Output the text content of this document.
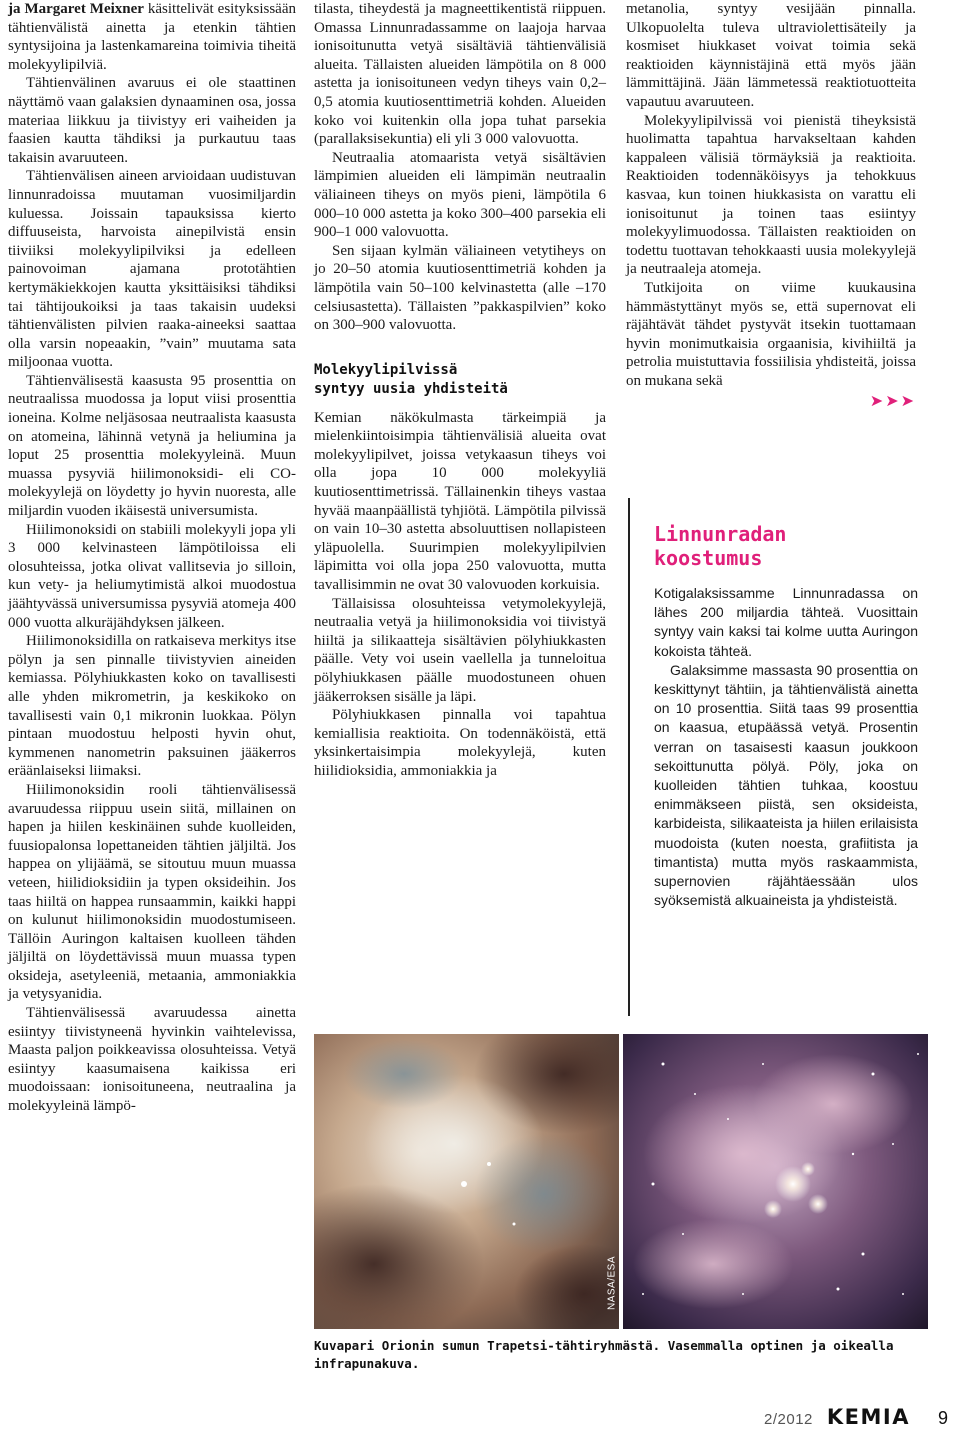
ja Margaret Meixner käsittelivät esityksissään tähtienvälistä ainetta ja etenkin tähtien syntysijoina ja lastenkamareina toimivia tiheitä molekyylipilviä.

Tähtienvälinen avaruus ei ole staattinen näyttämö vaan galaksien dynaaminen osa, jossa materiaa liikkuu ja tiivistyy eri vaiheiden ja faasien kautta tähdiksi ja purkautuu taas takaisin avaruuteen.

Tähtienvälisen aineen arvioidaan uudistuvan linnunradoissa muutaman vuosimiljardin kuluessa. Joissain tapauksissa kierto diffuuseista, harvoista ainepilvistä ensin tiiviiksi molekyylipilviksi ja edelleen painovoiman ajamana prototähtien kertymäkiekkojen kautta yksittäisiksi tähdiksi tai tähtijoukoiksi ja taas takaisin uudeksi tähtienvälisten pilvien raaka-aineeksi saattaa olla varsin nopeaakin, ”vain” muutama sata miljoonaa vuotta.

Tähtienvälisestä kaasusta 95 prosenttia on neutraalissa muodossa ja loput viisi prosenttia ioneina. Kolme neljäsosaa neutraalista kaasusta on atomeina, lähinnä vetynä ja heliumina ja loput 25 prosenttia molekyyleinä. Muun muassa pysyviä hiilimonoksidi- eli CO-molekyylejä on löydetty jo hyvin nuoresta, alle miljardin vuoden ikäisestä universumista.

Hiilimonoksidi on stabiili molekyyli jopa yli 3 000 kelvinasteen lämpötiloissa eli olosuhteissa, jotka olivat vallitsevia jo silloin, kun vety- ja heliumytimistä alkoi muodostua jäähtyvässä universumissa pysyviä atomeja 400 000 vuotta alkuräjähdyksen jälkeen.

Hiilimonoksidilla on ratkaiseva merkitys itse pölyn ja sen pinnalle tiivistyvien aineiden kemiassa. Pölyhiukkasten koko on tavallisesti alle yhden mikrometrin, ja keskikoko on tavallisesti vain 0,1 mikronin luokkaa. Pölyn pintaan muodostuu helposti hyvin ohut, kymmenen nanometrin paksuinen jääkerros eräänlaiseksi liimaksi.

Hiilimonoksidin rooli tähtienvälisessä avaruudessa riippuu usein siitä, millainen on hapen ja hiilen keskinäinen suhde kuolleiden, fuusiopalonsa lopettaneiden tähtien jäljiltä. Jos happea on ylijäämä, se sitoutuu muun muassa veteen, hiilidioksidiin ja typen oksideihin. Jos taas hiiltä on happea runsaammin, kaikki happi on kulunut hiilimonoksidin muodostumiseen. Tällöin Auringon kaltaisen kuolleen tähden jäljiltä on löydettävissä muun muassa typen oksideja, asetyleeniä, metaania, ammoniakkia ja vetysyanidia.

Tähtienvälisessä avaruudessa ainetta esiintyy tiivistyneenä hyvinkin vaihtelevissa, Maasta paljon poikkeavissa olosuhteissa. Vetyä esiintyy kaasumaisena kaikissa eri muodoissaan: ionisoituneena, neutraalina ja molekyyleinä lämpö-

tilasta, tiheydestä ja magneettikentistä riippuen. Omassa Linnunradassamme on laajoja harvaa ionisoitunutta vetyä sisältäviä tähtienvälisiä alueita. Tällaisten alueiden lämpötila on 8 000 astetta ja ionisoituneen vedyn tiheys vain 0,2–0,5 atomia kuutiosenttimetriä kohden. Alueiden koko voi kuitenkin olla jopa tuhat parsekia (parallaksisekuntia) eli yli 3 000 valovuotta.

Neutraalia atomaarista vetyä sisältävien lämpimien alueiden eli lämpimän neutraalin väliaineen tiheys on myös pieni, lämpötila 6 000–10 000 astetta ja koko 300–400 parsekia eli 900–1 000 valovuotta.

Sen sijaan kylmän väliaineen vetytiheys on jo 20–50 atomia kuutiosenttimetriä kohden ja lämpötila vain 50–100 kelvinastetta (alle –170 celsiusastetta). Tällaisten ”pakkaspilvien” koko on 300–900 valovuotta.

Molekyylipilvissä
syntyy uusia yhdisteitä

Kemian näkökulmasta tärkeimpiä ja mielenkiintoisimpia tähtienvälisiä alueita ovat molekyylipilvet, joissa vetykaasun tiheys voi olla jopa 10 000 molekyyliä kuutiosenttimetrissä. Tällainenkin tiheys vastaa hyvää maanpäällistä tyhjiötä. Lämpötila pilvissä on vain 10–30 astetta absoluuttisen nollapisteen yläpuolella. Suurimpien molekyylipilvien läpimitta voi olla jopa 250 valovuotta, mutta tavallisimmin ne ovat 30 valovuoden korkuisia.

Tällaisissa olosuhteissa vetymolekyylejä, neutraalia vetyä ja hiilimonoksidia voi tiivistyä hiiltä ja silikaatteja sisältävien pölyhiukkasten päälle. Vety voi usein vaellella ja tunneloitua pölyhiukkasen päälle muodostuneen ohuen jääkerroksen sisälle ja läpi.

Pölyhiukkasen pinnalla voi tapahtua kemiallisia reaktioita. On todennäköistä, että yksinkertaisimpia molekyylejä, kuten hiilidioksidia, ammoniakkia ja

metanolia, syntyy vesijään pinnalla. Ulkopuolelta tuleva ultraviolettisäteily ja kosmiset hiukkaset voivat toimia sekä reaktioiden käynnistäjinä että myös jään lämmittäjinä. Jään lämmetessä reaktiotuotteita vapautuu avaruuteen.

Molekyylipilvissä voi pienistä tiheyksistä huolimatta tapahtua harvakseltaan kahden kappaleen välisiä törmäyksiä ja reaktioita. Reaktioiden todennäköisyys ja tehokkuus kasvaa, kun toinen hiukkasista on varattu eli ionisoitunut ja toinen taas esiintyy molekyylimuodossa. Tällaisten reaktioiden on todettu tuottavan tehokkaasti uusia molekyylejä ja neutraaleja atomeja.

Tutkijoita on viime kuukausina hämmästyttänyt myös se, että supernovat eli räjähtävät tähdet pystyvät itsekin tuottamaan hyvin monimutkaisia orgaanisia, kivihiiltä ja petrolia muistuttavia fossiilisia yhdisteitä, joissa on mukana sekä

➤➤➤
Linnunradan
koostumus

Kotigalaksissamme Linnunradassa on lähes 200 miljardia tähteä. Vuosittain syntyy vain kaksi tai kolme uutta Auringon kokoista tähteä.

Galaksimme massasta 90 prosenttia on keskittynyt tähtiin, ja tähtienvälistä ainetta on 10 prosenttia. Siitä taas 99 prosenttia on kaasua, etupäässä vetyä. Prosentin verran on tasaisesti kaasun joukkoon sekoittunutta pölyä. Pöly, joka on kuolleiden tähtien tuhkaa, koostuu enimmäkseen piistä, sen oksideista, karbideista, silikaateista ja hiilen erilaisista muodoista (kuten noesta, grafiitista ja timantista) mutta myös raskaammista, supernovien räjähtäessään ulos syöksemistä alkuaineista ja yhdisteistä.

NASA/ESA
Kuvapari Orionin sumun Trapetsi-tähtiryhmästä. Vasemmalla optinen ja oikealla infrapunakuva.
2/2012 KEMIA 9
